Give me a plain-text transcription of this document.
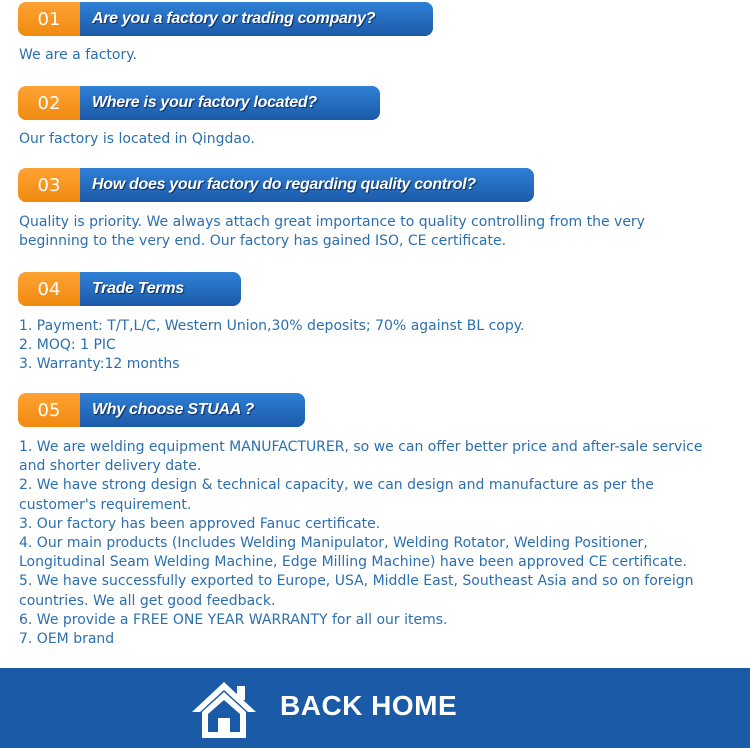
01	Are you a factory or trading company?

We are a factory.

02	Where is your factory located?

Our factory is located in Qingdao.

03	How does your factory do regarding quality control?

Quality is priority. We always attach great importance to quality controlling from the very beginning to the very end. Our factory has gained ISO, CE certificate.

04	Trade Terms

1. Payment: T/T,L/C, Western Union,30% deposits; 70% against BL copy.

2. MOQ: 1 PIC

3. Warranty:12 months

05	Why choose STUAA ?

1. We are welding equipment MANUFACTURER, so we can offer better price and after-sale service and shorter delivery date.

2. We have strong design & technical capacity, we can design and manufacture as per the customer's requirement.

3. Our factory has been approved Fanuc certificate.

4. Our main products (Includes Welding Manipulator, Welding Rotator, Welding Positioner, Longitudinal Seam Welding Machine, Edge Milling Machine) have been approved CE certificate.

5. We have successfully exported to Europe, USA, Middle East, Southeast Asia and so on foreign countries. We all get good feedback.

6. We provide a FREE ONE YEAR WARRANTY for all our items.

7. OEM brand

BACK HOME
